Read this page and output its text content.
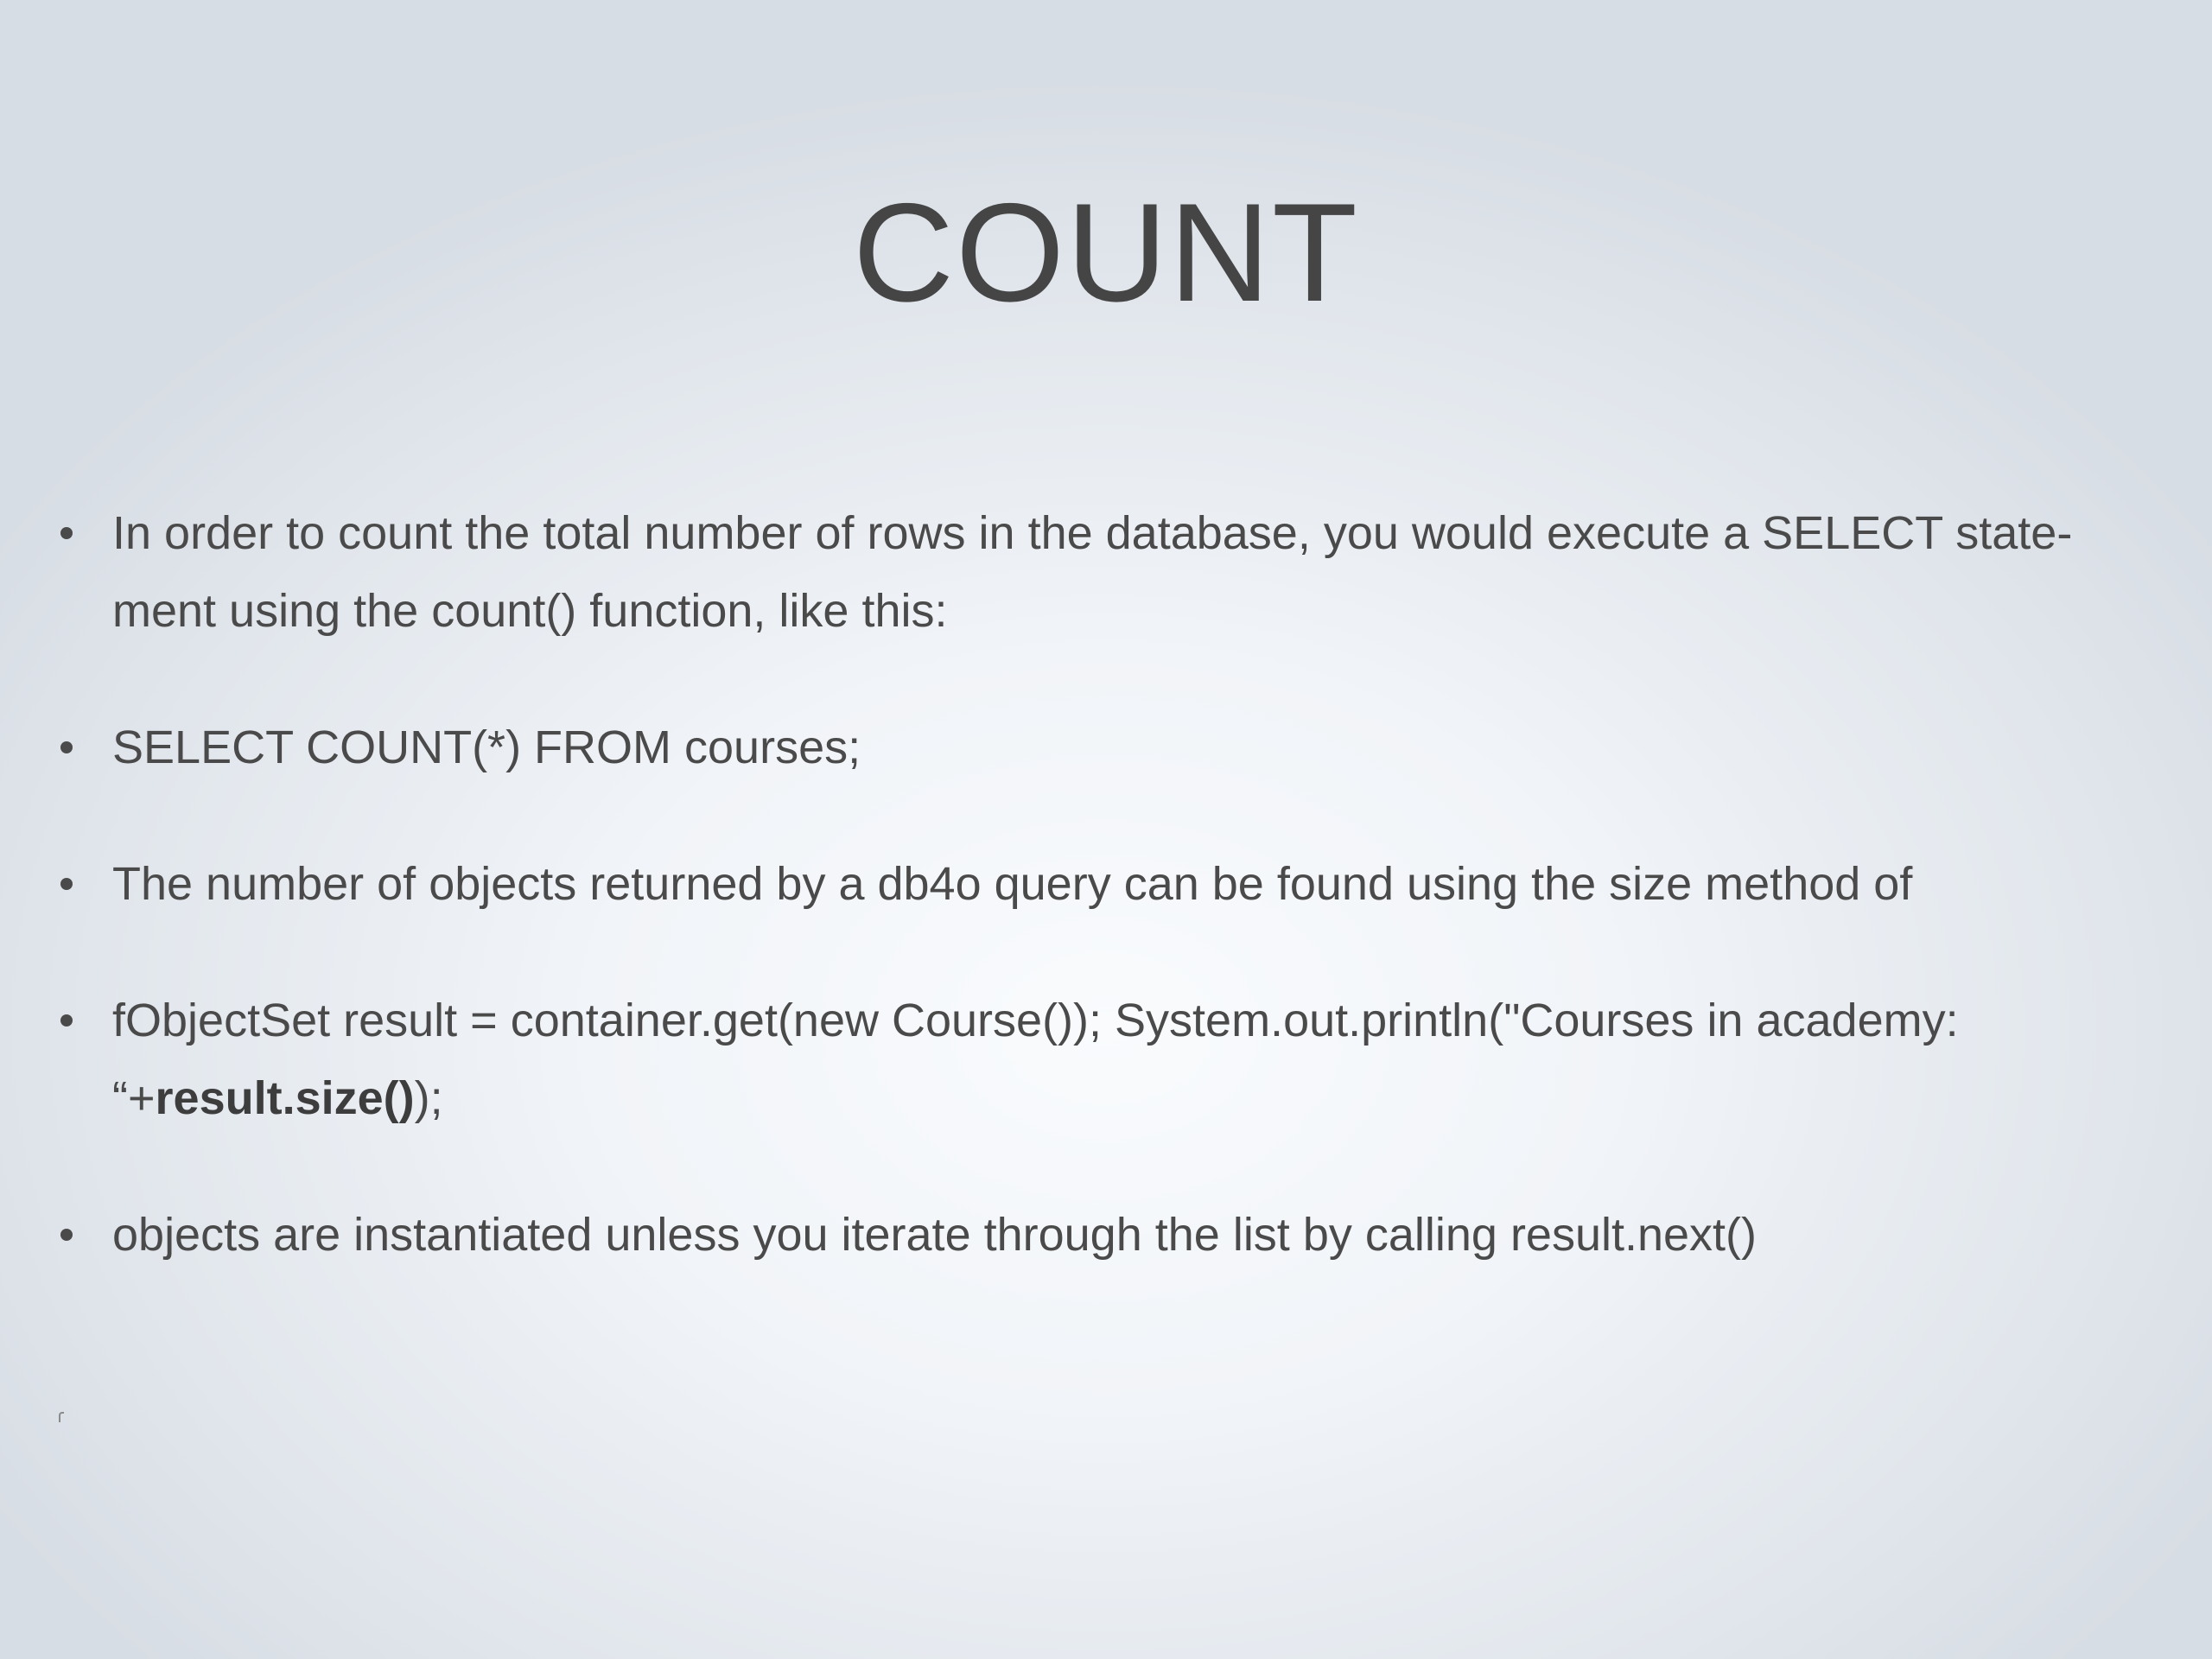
COUNT
In order to count the total number of rows in the database, you would execute a SELECT state- ment using the count() function, like this:
SELECT COUNT(*) FROM courses;
The number of objects returned by a db4o query can be found using the size method of
fObjectSet result = container.get(new Course()); System.out.println("Courses in academy: “+result.size());
objects are instantiated unless you iterate through the list by calling result.next()
